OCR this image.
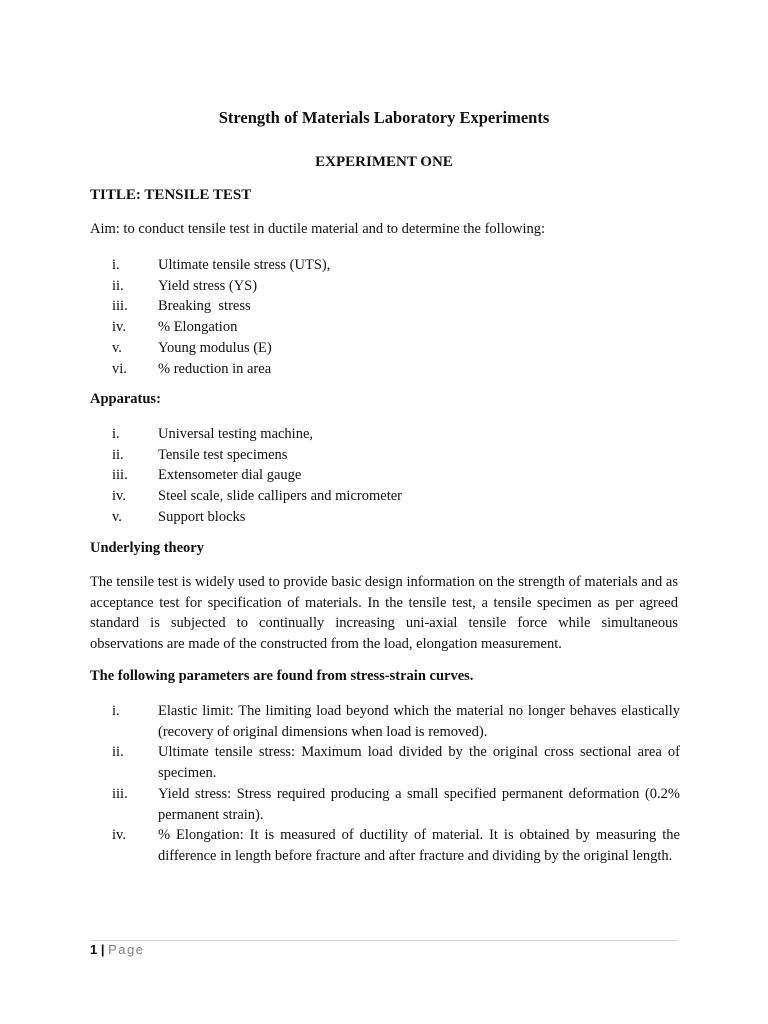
Strength of Materials Laboratory Experiments
EXPERIMENT ONE
TITLE: TENSILE TEST
Aim: to conduct tensile test in ductile material and to determine the following:
i.	Ultimate tensile stress (UTS),
ii.	Yield stress (YS)
iii.	Breaking  stress
iv.	% Elongation
v.	Young modulus (E)
vi.	% reduction in area
Apparatus:
i.	Universal testing machine,
ii.	Tensile test specimens
iii.	Extensometer dial gauge
iv.	Steel scale, slide callipers and micrometer
v.	Support blocks
Underlying theory

The tensile test is widely used to provide basic design information on the strength of materials and as acceptance test for specification of materials. In the tensile test, a tensile specimen as per agreed standard is subjected to continually increasing uni-axial tensile force while simultaneous observations are made of the constructed from the load, elongation measurement.

The following parameters are found from stress-strain curves.
i.	Elastic limit: The limiting load beyond which the material no longer behaves elastically (recovery of original dimensions when load is removed).
ii.	Ultimate tensile stress: Maximum load divided by the original cross sectional area of specimen.
iii.	Yield stress: Stress required producing a small specified permanent deformation (0.2% permanent strain).
iv.	% Elongation: It is measured of ductility of material. It is obtained by measuring the difference in length before fracture and after fracture and dividing by the original length.
1 | Page
